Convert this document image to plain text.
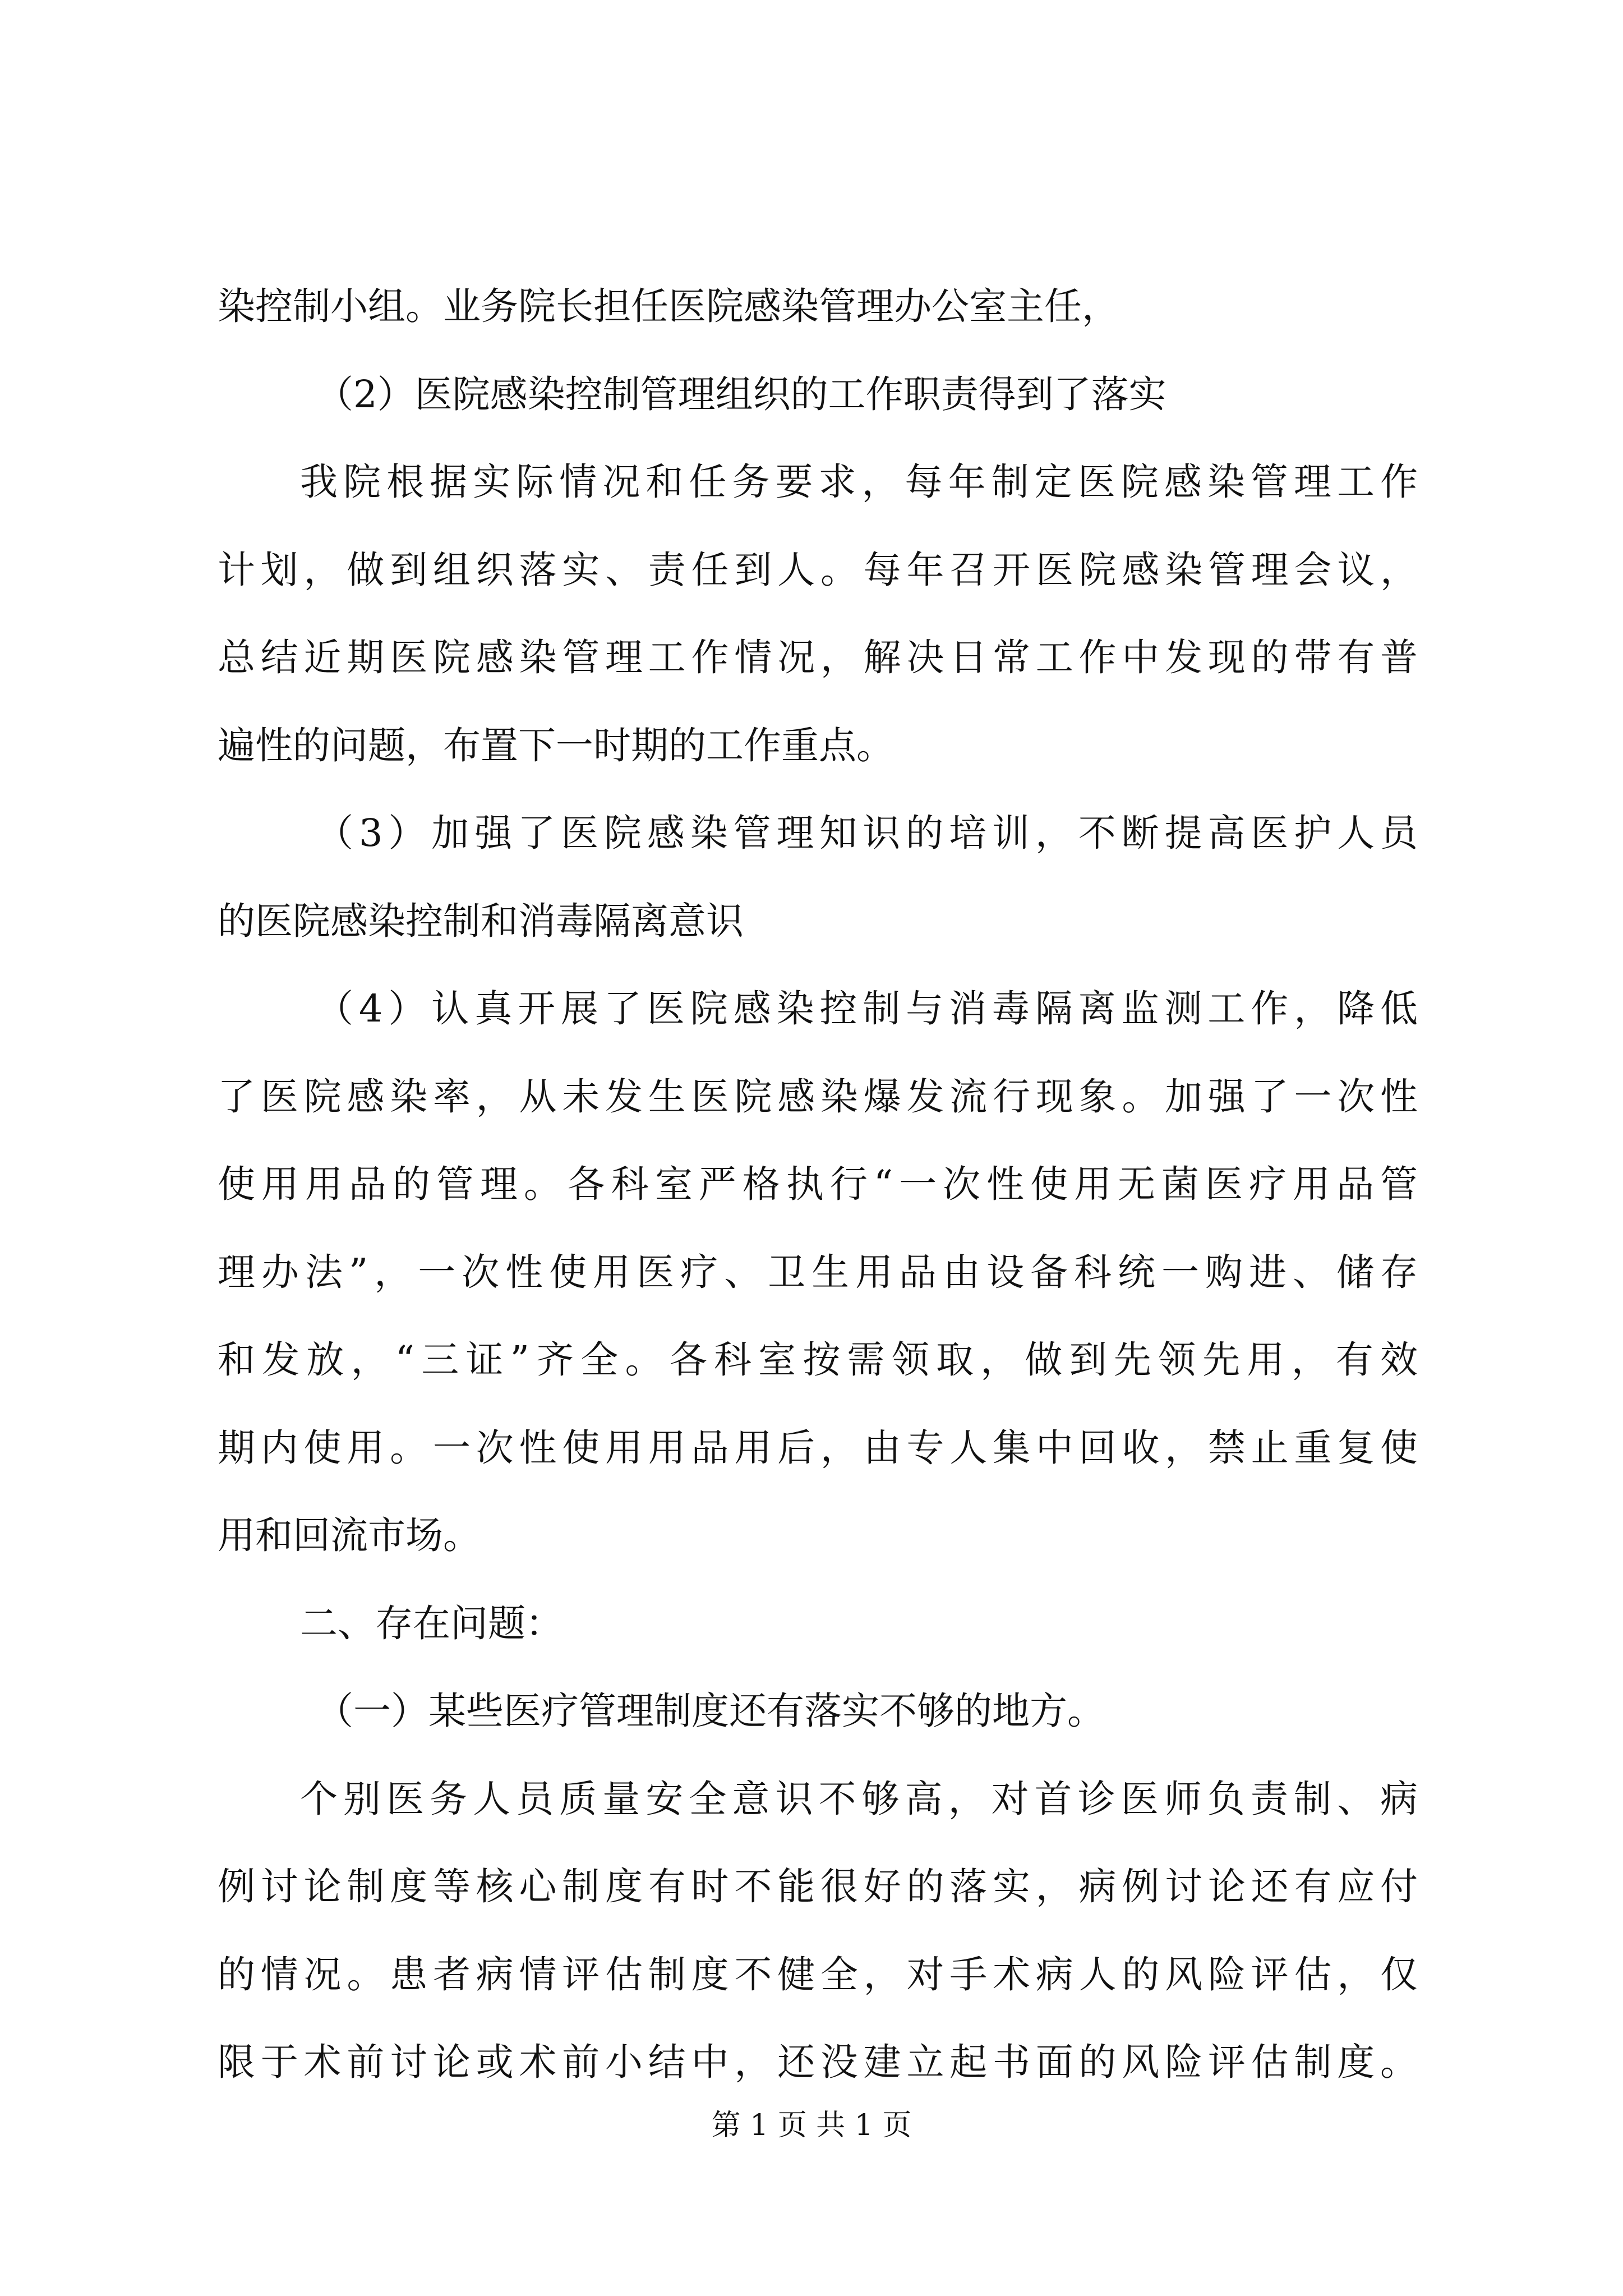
染控制小组。业务院长担任医院感染管理办公室主任，
（2）医院感染控制管理组织的工作职责得到了落实
我院根据实际情况和任务要求，每年制定医院感染管理工作
计划，做到组织落实、责任到人。每年召开医院感染管理会议，
总结近期医院感染管理工作情况，解决日常工作中发现的带有普
遍性的问题，布置下一时期的工作重点。
（3）加强了医院感染管理知识的培训，不断提高医护人员
的医院感染控制和消毒隔离意识
（4）认真开展了医院感染控制与消毒隔离监测工作，降低
了医院感染率，从未发生医院感染爆发流行现象。加强了一次性
使用用品的管理。各科室严格执行“一次性使用无菌医疗用品管
理办法”，一次性使用医疗、卫生用品由设备科统一购进、储存
和发放，“三证”齐全。各科室按需领取，做到先领先用，有效
期内使用。一次性使用用品用后，由专人集中回收，禁止重复使
用和回流市场。
二、存在问题：
（一）某些医疗管理制度还有落实不够的地方。
个别医务人员质量安全意识不够高，对首诊医师负责制、病
例讨论制度等核心制度有时不能很好的落实，病例讨论还有应付
的情况。患者病情评估制度不健全，对手术病人的风险评估，仅
限于术前讨论或术前小结中，还没建立起书面的风险评估制度。
第 1 页 共 1 页
